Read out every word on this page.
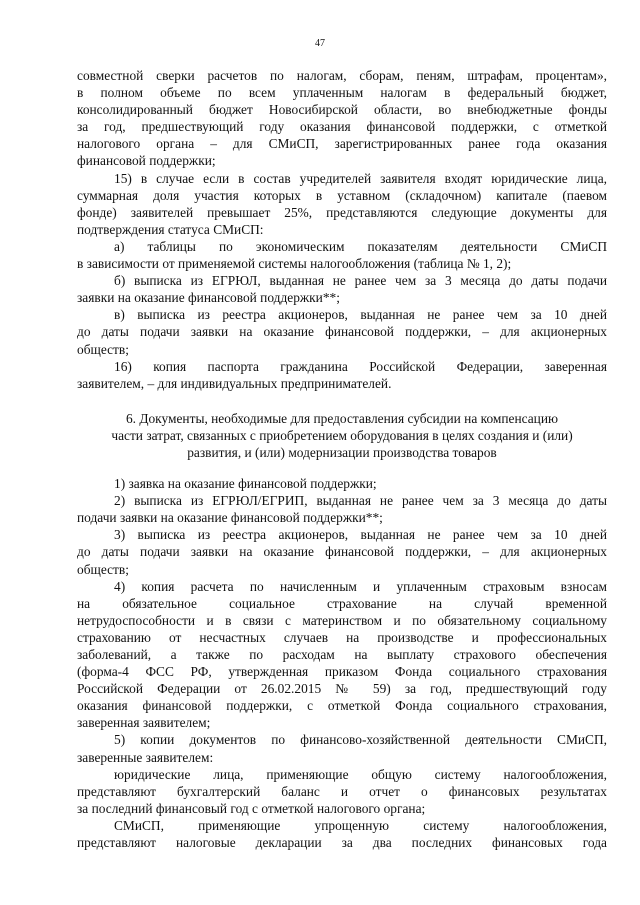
47
совместной сверки расчетов по налогам, сборам, пеням, штрафам, процентам»,
в полном объеме по всем уплаченным налогам в федеральный бюджет,
консолидированный бюджет Новосибирской области, во внебюджетные фонды
за год, предшествующий году оказания финансовой поддержки, с отметкой
налогового органа – для СМиСП, зарегистрированных ранее года оказания
финансовой поддержки;
15) в случае если в состав учредителей заявителя входят юридические лица,
суммарная доля участия которых в уставном (складочном) капитале (паевом
фонде) заявителей превышает 25%, представляются следующие документы для
подтверждения статуса СМиСП:
а) таблицы по экономическим показателям деятельности СМиСП
в зависимости от применяемой системы налогообложения (таблица № 1, 2);
б) выписка из ЕГРЮЛ, выданная не ранее чем за 3 месяца до даты подачи
заявки на оказание финансовой поддержки**;
в) выписка из реестра акционеров, выданная не ранее чем за 10 дней
до даты подачи заявки на оказание финансовой поддержки, – для акционерных
обществ;
16) копия паспорта гражданина Российской Федерации, заверенная
заявителем, – для индивидуальных предпринимателей.
6. Документы, необходимые для предоставления субсидии на компенсацию
части затрат, связанных с приобретением оборудования в целях создания и (или)
развития, и (или) модернизации производства товаров
1) заявка на оказание финансовой поддержки;
2) выписка из ЕГРЮЛ/ЕГРИП, выданная не ранее чем за 3 месяца до даты
подачи заявки на оказание финансовой поддержки**;
3) выписка из реестра акционеров, выданная не ранее чем за 10 дней
до даты подачи заявки на оказание финансовой поддержки, – для акционерных
обществ;
4) копия расчета по начисленным и уплаченным страховым взносам
на обязательное социальное страхование на случай временной
нетрудоспособности и в связи с материнством и по обязательному социальному
страхованию от несчастных случаев на производстве и профессиональных
заболеваний, а также по расходам на выплату страхового обеспечения
(форма-4 ФСС РФ, утвержденная приказом Фонда социального страхования
Российской Федерации от 26.02.2015 № 59) за год, предшествующий году
оказания финансовой поддержки, с отметкой Фонда социального страхования,
заверенная заявителем;
5) копии документов по финансово-хозяйственной деятельности СМиСП,
заверенные заявителем:
юридические лица, применяющие общую систему налогообложения,
представляют бухгалтерский баланс и отчет о финансовых результатах
за последний финансовый год с отметкой налогового органа;
СМиСП, применяющие упрощенную систему налогообложения,
представляют налоговые декларации за два последних финансовых года
